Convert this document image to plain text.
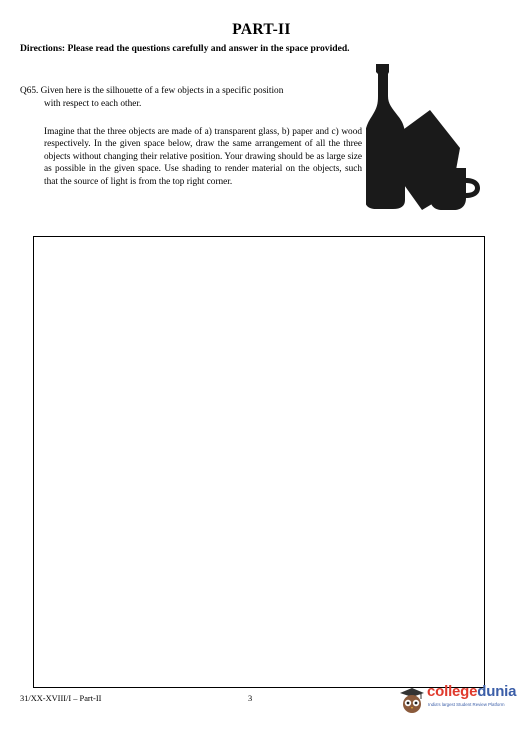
PART-II
Directions: Please read the questions carefully and answer in the space provided.
Q65. Given here is the silhouette of a few objects in a specific position
with respect to each other.
Imagine that the three objects are made of a) transparent glass, b) paper and c) wood respectively. In the given space below, draw the same arrangement of all the three objects without changing their relative position. Your drawing should be as large size as possible in the given space. Use shading to render material on the objects, such that the source of light is from the top right corner.
31/XX-XVIII/I – Part-II	3	collegedunia
India's largest Student Review Platform
